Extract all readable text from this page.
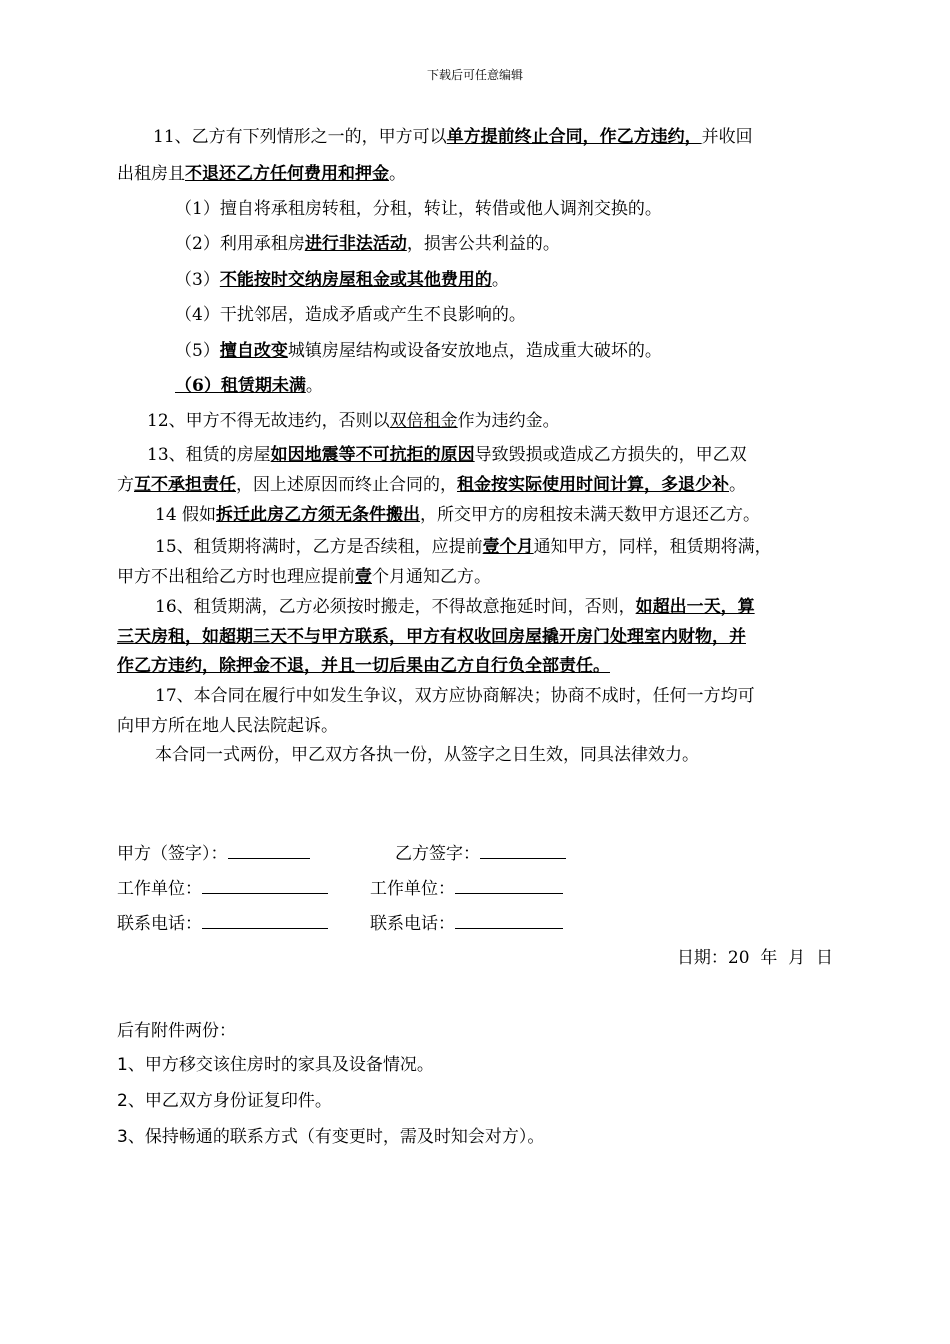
下载后可任意编辑
11、乙方有下列情形之一的，甲方可以单方提前终止合同，作乙方违约，并收回
出租房且不退还乙方任何费用和押金。
（1）擅自将承租房转租，分租，转让，转借或他人调剂交换的。
（2）利用承租房进行非法活动，损害公共利益的。
（3）不能按时交纳房屋租金或其他费用的。
（4）干扰邻居，造成矛盾或产生不良影响的。
（5）擅自改变城镇房屋结构或设备安放地点，造成重大破坏的。
（6）租赁期未满。
12、甲方不得无故违约，否则以双倍租金作为违约金。
13、租赁的房屋如因地震等不可抗拒的原因导致毁损或造成乙方损失的，甲乙双
方互不承担责任，因上述原因而终止合同的，租金按实际使用时间计算，多退少补。
14 假如拆迁此房乙方须无条件搬出，所交甲方的房租按未满天数甲方退还乙方。
15、租赁期将满时，乙方是否续租，应提前壹个月通知甲方，同样，租赁期将满，
甲方不出租给乙方时也理应提前壹个月通知乙方。
16、租赁期满，乙方必须按时搬走，不得故意拖延时间，否则，如超出一天，算
三天房租，如超期三天不与甲方联系，甲方有权收回房屋撬开房门处理室内财物，并
作乙方违约，除押金不退，并且一切后果由乙方自行负全部责任。
17、本合同在履行中如发生争议，双方应协商解决；协商不成时，任何一方均可
向甲方所在地人民法院起诉。
本合同一式两份，甲乙双方各执一份，从签字之日生效，同具法律效力。
甲方（签字）：	乙方签字：
工作单位：	工作单位：
联系电话：	联系电话：
日期：20  年  月  日
后有附件两份：
1、甲方移交该住房时的家具及设备情况。
2、甲乙双方身份证复印件。
3、保持畅通的联系方式（有变更时，需及时知会对方）。
